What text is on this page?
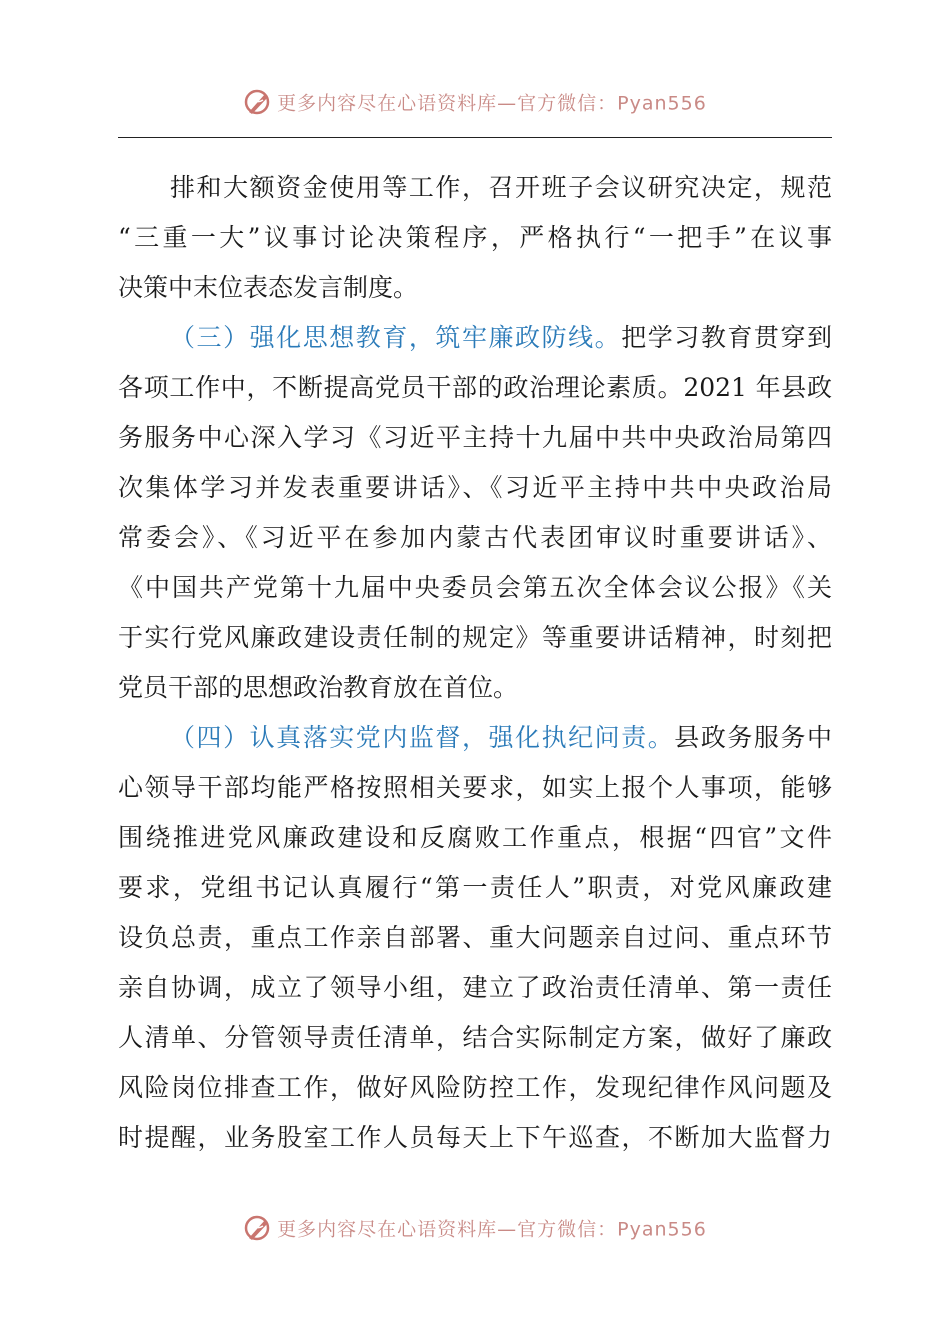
更多内容尽在心语资料库—官方微信：Pyan556
排和大额资金使用等工作，召开班子会议研究决定，规范
“三重一大”议事讨论决策程序，严格执行“一把手”在议事
决策中末位表态发言制度。
（三）强化思想教育，筑牢廉政防线。把学习教育贯穿到
各项工作中，不断提高党员干部的政治理论素质。2021 年县政
务服务中心深入学习《习近平主持十九届中共中央政治局第四
次集体学习并发表重要讲话》、《习近平主持中共中央政治局
常委会》、《习近平在参加内蒙古代表团审议时重要讲话》、
《中国共产党第十九届中央委员会第五次全体会议公报》《关
于实行党风廉政建设责任制的规定》等重要讲话精神，时刻把
党员干部的思想政治教育放在首位。
（四）认真落实党内监督，强化执纪问责。县政务服务中
心领导干部均能严格按照相关要求，如实上报个人事项，能够
围绕推进党风廉政建设和反腐败工作重点，根据“四官”文件
要求，党组书记认真履行“第一责任人”职责，对党风廉政建
设负总责，重点工作亲自部署、重大问题亲自过问、重点环节
亲自协调，成立了领导小组，建立了政治责任清单、第一责任
人清单、分管领导责任清单，结合实际制定方案，做好了廉政
风险岗位排查工作，做好风险防控工作，发现纪律作风问题及
时提醒，业务股室工作人员每天上下午巡查，不断加大监督力
更多内容尽在心语资料库—官方微信：Pyan556
